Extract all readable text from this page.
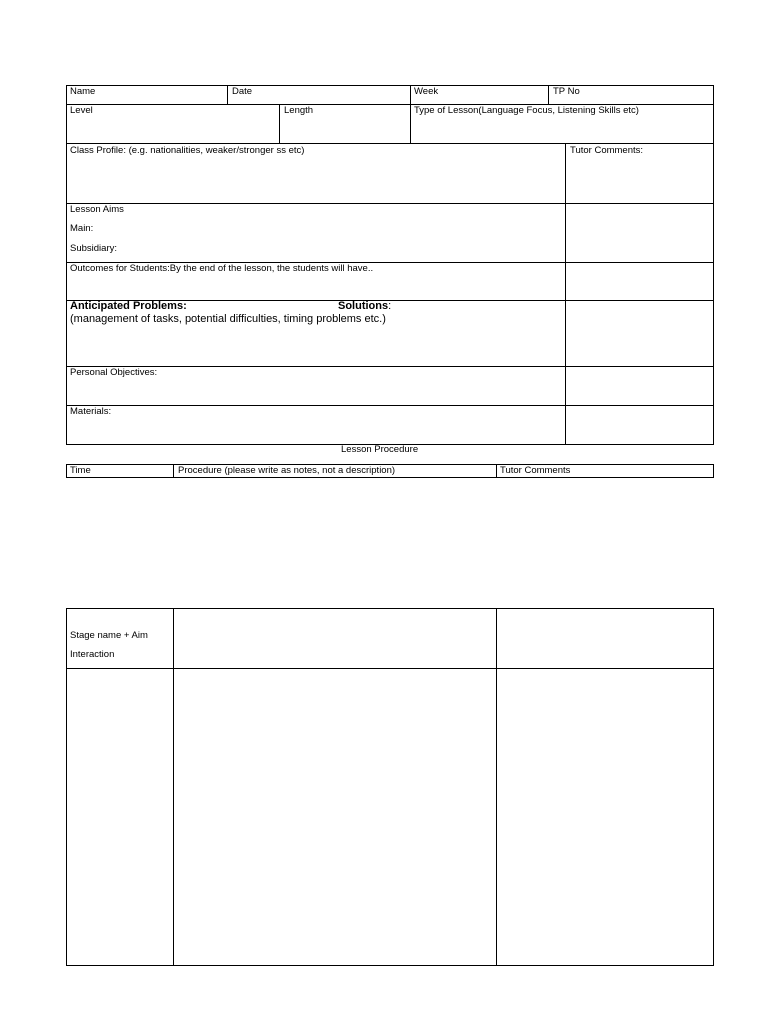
Name	Date	Week	TP No
Level	Length	Type of Lesson(Language Focus, Listening Skills etc)
Class Profile: (e.g. nationalities, weaker/stronger ss etc)	Tutor Comments:
Lesson Aims
Main:
Subsidiary:
Outcomes for Students:By the end of the lesson, the students will have..
Anticipated Problems:	Solutions:
(management of tasks, potential difficulties, timing problems etc.)
Personal Objectives:
Materials:
Lesson Procedure
Time	Procedure (please write as notes, not a description)	Tutor Comments
Stage name + Aim
Interaction
